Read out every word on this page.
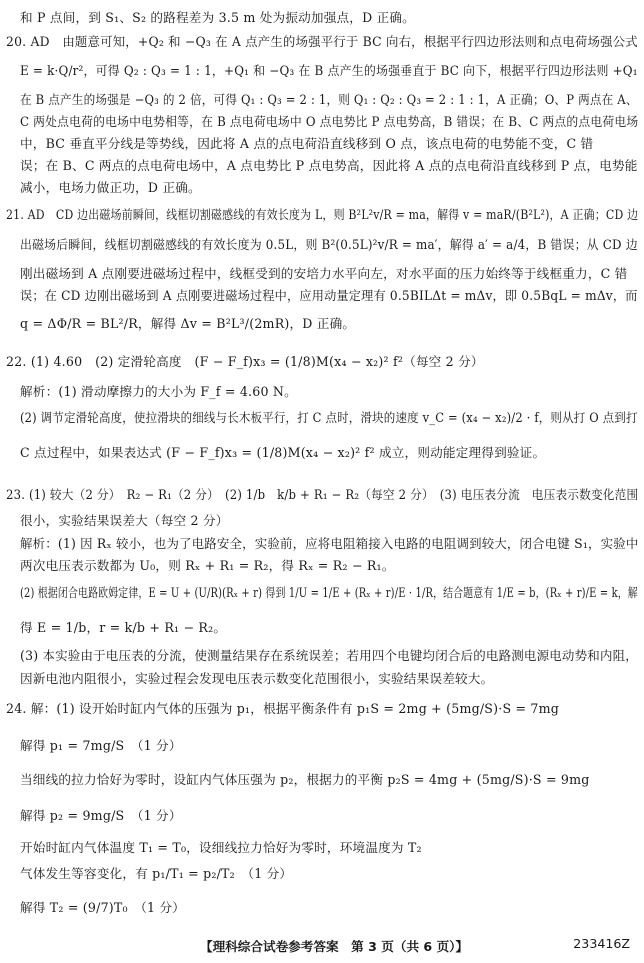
和 P 点间，到 S₁、S₂ 的路程差为 3.5 m 处为振动加强点，D 正确。
20. AD　由题意可知，+Q₂ 和 −Q₃ 在 A 点产生的场强平行于 BC 向右，根据平行四边形法则和点电荷场强公式
E = k·Q/r²，可得 Q₂ : Q₃ = 1 : 1，+Q₁ 和 −Q₃ 在 B 点产生的场强垂直于 BC 向下，根据平行四边形法则 +Q₁
在 B 点产生的场强是 −Q₃ 的 2 倍，可得 Q₁ : Q₃ = 2 : 1，则 Q₁ : Q₂ : Q₃ = 2 : 1 : 1，A 正确；O、P 两点在 A、
C 两处点电荷的电场中电势相等，在 B 点电荷电场中 O 点电势比 P 点电势高，B 错误；在 B、C 两点的点电荷电场
中，BC 垂直平分线是等势线，因此将 A 点的点电荷沿直线移到 O 点，该点电荷的电势能不变，C 错
误；在 B、C 两点的点电荷电场中，A 点电势比 P 点电势高，因此将 A 点的点电荷沿直线移到 P 点，电势能
减小，电场力做正功，D 正确。
21. AD　CD 边出磁场前瞬间，线框切割磁感线的有效长度为 L，则 B²L²v/R = ma，解得 v = maR/(B²L²)，A 正确；CD 边
出磁场后瞬间，线框切割磁感线的有效长度为 0.5L，则 B²(0.5L)²v/R = ma′，解得 a′ = a/4，B 错误；从 CD 边
刚出磁场到 A 点刚要进磁场过程中，线框受到的安培力水平向左，对水平面的压力始终等于线框重力，C 错
误；在 CD 边刚出磁场到 A 点刚要进磁场过程中，应用动量定理有 0.5BILΔt = mΔv，即 0.5BqL = mΔv，而
q = ΔΦ/R = BL²/R，解得 Δv = B²L³/(2mR)，D 正确。
22. (1) 4.60　(2) 定滑轮高度　(F − F_f)x₃ = (1/8)M(x₄ − x₂)² f²（每空 2 分）
解析：(1) 滑动摩擦力的大小为 F_f = 4.60 N。
(2) 调节定滑轮高度，使拉滑块的细线与长木板平行，打 C 点时，滑块的速度 v_C = (x₄ − x₂)/2 · f，则从打 O 点到打
C 点过程中，如果表达式 (F − F_f)x₃ = (1/8)M(x₄ − x₂)² f² 成立，则动能定理得到验证。
23. (1) 较大（2 分）　R₂ − R₁（2 分）　(2) 1/b　k/b + R₁ − R₂（每空 2 分）　(3) 电压表分流　电压表示数变化范围
很小，实验结果误差大（每空 2 分）
解析：(1) 因 Rₓ 较小，也为了电路安全，实验前，应将电阻箱接入电路的电阻调到较大，闭合电键 S₁，实验中
两次电压表示数都为 U₀，则 Rₓ + R₁ = R₂，得 Rₓ = R₂ − R₁。
(2) 根据闭合电路欧姆定律，E = U + (U/R)(Rₓ + r) 得到 1/U = 1/E + (Rₓ + r)/E · 1/R，结合题意有 1/E = b，(Rₓ + r)/E = k，解
得 E = 1/b，r = k/b + R₁ − R₂。
(3) 本实验由于电压表的分流，使测量结果存在系统误差；若用四个电键均闭合后的电路测电源电动势和内阻，
因新电池内阻很小，实验过程会发现电压表示数变化范围很小，实验结果误差较大。
24. 解：(1) 设开始时缸内气体的压强为 p₁，根据平衡条件有 p₁S = 2mg + (5mg/S)·S = 7mg
解得 p₁ = 7mg/S　（1 分）
当细线的拉力恰好为零时，设缸内气体压强为 p₂，根据力的平衡 p₂S = 4mg + (5mg/S)·S = 9mg
解得 p₂ = 9mg/S　（1 分）
开始时缸内气体温度 T₁ = T₀，设细线拉力恰好为零时，环境温度为 T₂
气体发生等容变化，有 p₁/T₁ = p₂/T₂　（1 分）
解得 T₂ = (9/7)T₀　（1 分）
【理科综合试卷参考答案　第 3 页（共 6 页）】	233416Z
